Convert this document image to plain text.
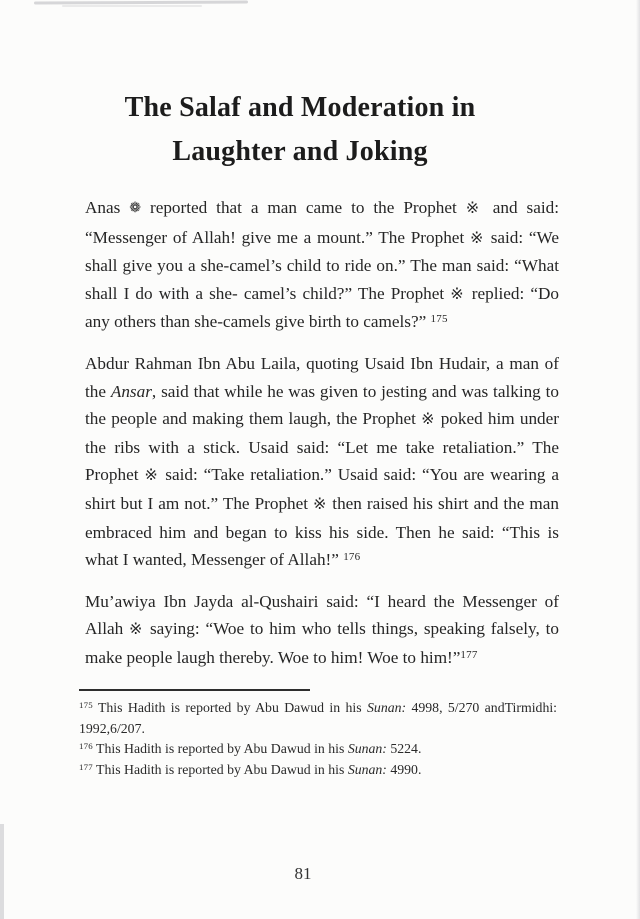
The Salaf and Moderation in
Laughter and Joking

Anas ❁ reported that a man came to the Prophet ※ and said: “Messenger of Allah! give me a mount.” The Prophet ※ said: “We shall give you a she-camel’s child to ride on.” The man said: “What shall I do with a she- camel’s child?” The Prophet ※ replied: “Do any others than she-camels give birth to camels?” $^{175}$

Abdur Rahman Ibn Abu Laila, quoting Usaid Ibn Hudair, a man of the Ansar, said that while he was given to jesting and was talking to the people and making them laugh, the Prophet ※ poked him under the ribs with a stick. Usaid said: “Let me take retaliation.” The Prophet ※ said: “Take retaliation.” Usaid said: “You are wearing a shirt but I am not.” The Prophet ※ then raised his shirt and the man embraced him and began to kiss his side. Then he said: “This is what I wanted, Messenger of Allah!” $^{176}$

Mu’awiya Ibn Jayda al-Qushairi said: “I heard the Messenger of Allah ※ saying: “Woe to him who tells things, speaking falsely, to make people laugh thereby. Woe to him! Woe to him!”$^{177}$

$^{175}$ This Hadith is reported by Abu Dawud in his Sunan: 4998, 5/270 andTirmidhi: 1992,6/207.

$^{176}$ This Hadith is reported by Abu Dawud in his Sunan: 5224.

$^{177}$ This Hadith is reported by Abu Dawud in his Sunan: 4990.

81
